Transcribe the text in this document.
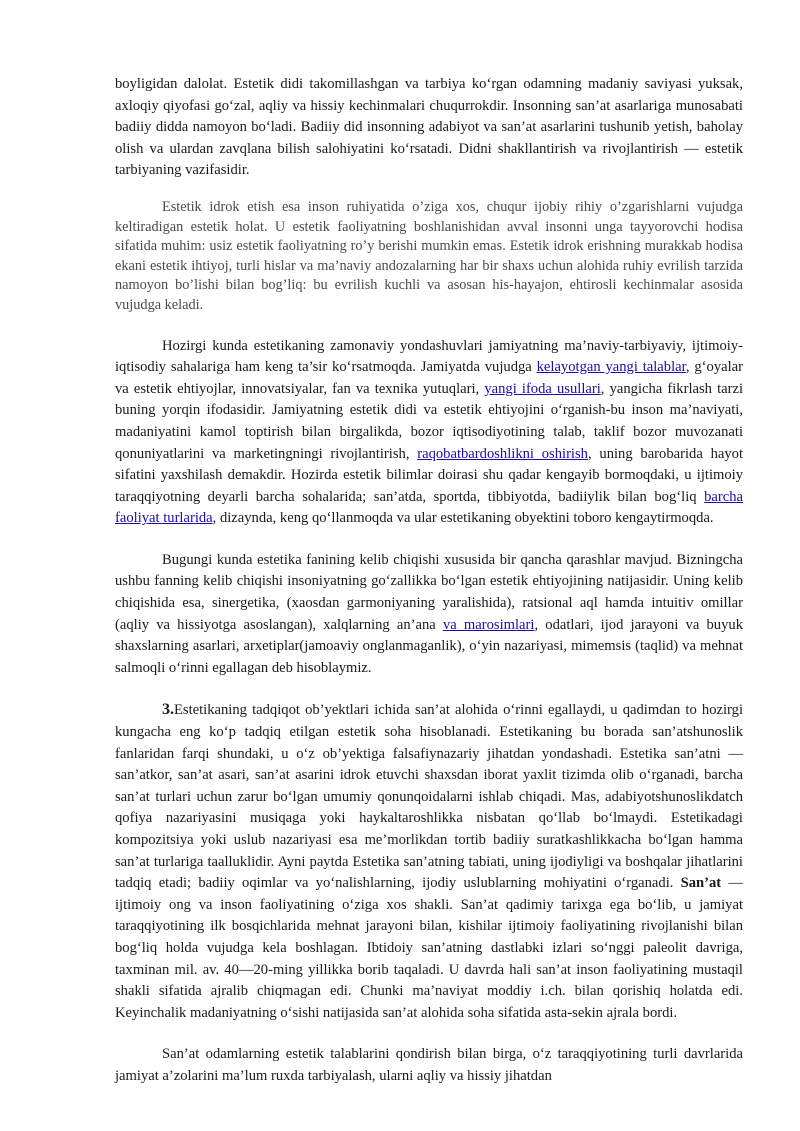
boyligidan dalolat. Estetik didi takomillashgan va tarbiya ko‘rgan odamning madaniy saviyasi yuksak, axloqiy qiyofasi go‘zal, aqliy va hissiy kechinmalari chuqurrokdir. Insonning san’at asarlariga munosabati badiiy didda namoyon bo‘ladi. Badiiy did insonning adabiyot va san’at asarlarini tushunib yetish, baholay olish va ulardan zavqlana bilish salohiyatini ko‘rsatadi. Didni shakllantirish va rivojlantirish — estetik tarbiyaning vazifasidir.

Estetik idrok etish esa inson ruhiyatida o’ziga xos, chuqur ijobiy rihiy o’zgarishlarni vujudga keltiradigan estetik holat. U estetik faoliyatning boshlanishidan avval insonni unga tayyorovchi hodisa sifatida muhim: usiz estetik faoliyatning ro’y berishi mumkin emas. Estetik idrok erishning murakkab hodisa ekani estetik ihtiyoj, turli hislar va ma’naviy andozalarning har bir shaxs uchun alohida ruhiy evrilish tarzida namoyon bo’lishi bilan bog’liq: bu evrilish kuchli va asosan his-hayajon, ehtirosli kechinmalar asosida vujudga keladi.

Hozirgi kunda estetikaning zamonaviy yondashuvlari jamiyatning ma’naviy-tarbiyaviy, ijtimoiy-iqtisodiy sahalariga ham keng ta’sir ko‘rsatmoqda. Jamiyatda vujudga kelayotgan yangi talablar, g‘oyalar va estetik ehtiyojlar, innovatsiyalar, fan va texnika yutuqlari, yangi ifoda usullari, yangicha fikrlash tarzi buning yorqin ifodasidir. Jamiyatning estetik didi va estetik ehtiyojini o‘rganish-bu inson ma’naviyati, madaniyatini kamol toptirish bilan birgalikda, bozor iqtisodiyotining talab, taklif bozor muvozanati qonuniyatlarini va marketingningi rivojlantirish, raqobatbardoshlikni oshirish, uning barobarida hayot sifatini yaxshilash demakdir. Hozirda estetik bilimlar doirasi shu qadar kengayib bormoqdaki, u ijtimoiy taraqqiyotning deyarli barcha sohalarida; san’atda, sportda, tibbiyotda, badiiylik bilan bog‘liq barcha faoliyat turlarida, dizaynda, keng qo‘llanmoqda va ular estetikaning obyektini toboro kengaytirmoqda.

Bugungi kunda estetika fanining kelib chiqishi xususida bir qancha qarashlar mavjud. Bizningcha ushbu fanning kelib chiqishi insoniyatning go‘zallikka bo‘lgan estetik ehtiyojining natijasidir. Uning kelib chiqishida esa, sinergetika, (xaosdan garmoniyaning yaralishida), ratsional aql hamda intuitiv omillar (aqliy va hissiyotga asoslangan), xalqlarning an’ana va marosimlari, odatlari, ijod jarayoni va buyuk shaxslarning asarlari, arxetiplar(jamoaviy onglanmaganlik), o‘yin nazariyasi, mimemsis (taqlid) va mehnat salmoqli o‘rinni egallagan deb hisoblaymiz.

3.Estetikaning tadqiqot ob’yektlari ichida san’at alohida o‘rinni egallaydi, u qadimdan to hozirgi kungacha eng ko‘p tadqiq etilgan estetik soha hisoblanadi. Estetikaning bu borada san’atshunoslik fanlaridan farqi shundaki, u o‘z ob’yektiga falsafiynazariy jihatdan yondashadi. Estetika san’atni — san’atkor, san’at asari, san’at asarini idrok etuvchi shaxsdan iborat yaxlit tizimda olib o‘rganadi, barcha san’at turlari uchun zarur bo‘lgan umumiy qonunqoidalarni ishlab chiqadi. Mas, adabiyotshunoslikdatch qofiya nazariyasini musiqaga yoki haykaltaroshlikka nisbatan qo‘llab bo‘lmaydi. Estetikadagi kompozitsiya yoki uslub nazariyasi esa me’morlikdan tortib badiiy suratkashlikkacha bo‘lgan hamma san’at turlariga taalluklidir. Ayni paytda Estetika san’atning tabiati, uning ijodiyligi va boshqalar jihatlarini tadqiq etadi; badiiy oqimlar va yo‘nalishlarning, ijodiy uslublarning mohiyatini o‘rganadi. San’at — ijtimoiy ong va inson faoliyatining o‘ziga xos shakli. San’at qadimiy tarixga ega bo‘lib, u jamiyat taraqqiyotining ilk bosqichlarida mehnat jarayoni bilan, kishilar ijtimoiy faoliyatining rivojlanishi bilan bog‘liq holda vujudga kela boshlagan. Ibtidoiy san’atning dastlabki izlari so‘nggi paleolit davriga, taxminan mil. av. 40—20-ming yillikka borib taqaladi. U davrda hali san’at inson faoliyatining mustaqil shakli sifatida ajralib chiqmagan edi. Chunki ma’naviyat moddiy i.ch. bilan qorishiq holatda edi. Keyinchalik madaniyatning o‘sishi natijasida san’at alohida soha sifatida asta-sekin ajrala bordi.

San’at odamlarning estetik talablarini qondirish bilan birga, o‘z taraqqiyotining turli davrlarida jamiyat a’zolarini ma’lum ruxda tarbiyalash, ularni aqliy va hissiy jihatdan
